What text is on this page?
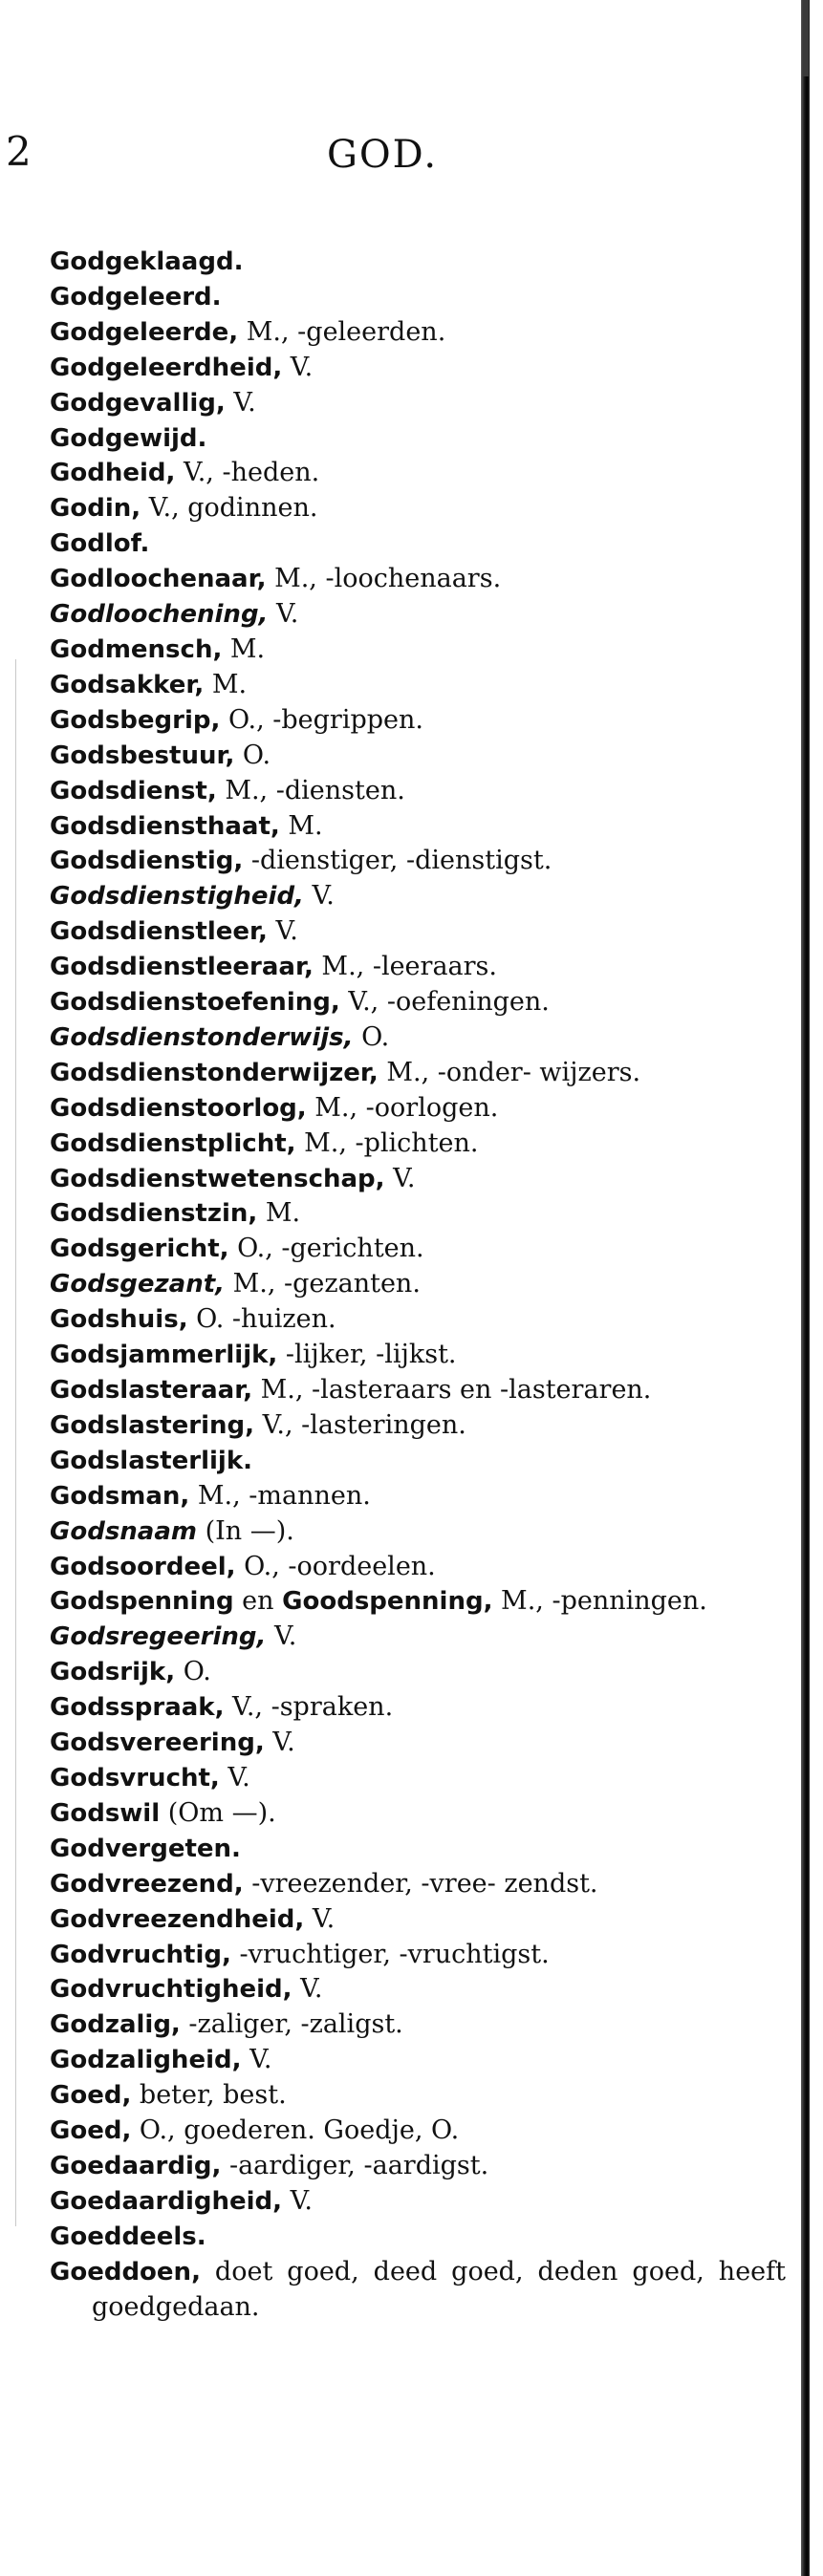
2	GOD.
Godgeklaagd.
Godgeleerd.
Godgeleerde, M., -geleerden.
Godgeleerdheid, V.
Godgevallig, V.
Godgewijd.
Godheid, V., -heden.
Godin, V., godinnen.
Godlof.
Godloochenaar, M., -loochenaars.
Godloochening, V.
Godmensch, M.
Godsakker, M.
Godsbegrip, O., -begrippen.
Godsbestuur, O.
Godsdienst, M., -diensten.
Godsdiensthaat, M.
Godsdienstig, -dienstiger, -dienstigst.
Godsdienstigheid, V.
Godsdienstleer, V.
Godsdienstleeraar, M., -leeraars.
Godsdienstoefening, V., -oefeningen.
Godsdienstonderwijs, O.
Godsdienstonderwijzer, M., -onder- wijzers.
Godsdienstoorlog, M., -oorlogen.
Godsdienstplicht, M., -plichten.
Godsdienstwetenschap, V.
Godsdienstzin, M.
Godsgericht, O., -gerichten.
Godsgezant, M., -gezanten.
Godshuis, O. -huizen.
Godsjammerlijk, -lijker, -lijkst.
Godslasteraar, M., -lasteraars en -lasteraren.
Godslastering, V., -lasteringen.
Godslasterlijk.
Godsman, M., -mannen.
Godsnaam (In —).
Godsoordeel, O., -oordeelen.
Godspenning en Goodspenning, M., -penningen.
Godsregeering, V.
Godsrijk, O.
Godsspraak, V., -spraken.
Godsvereering, V.
Godsvrucht, V.
Godswil (Om —).
Godvergeten.
Godvreezend, -vreezender, -vree- zendst.
Godvreezendheid, V.
Godvruchtig, -vruchtiger, -vruchtigst.
Godvruchtigheid, V.
Godzalig, -zaliger, -zaligst.
Godzaligheid, V.
Goed, beter, best.
Goed, O., goederen. Goedje, O.
Goedaardig, -aardiger, -aardigst.
Goedaardigheid, V.
Goeddeels.
Goeddoen, doet goed, deed goed, deden goed, heeft goedgedaan.
